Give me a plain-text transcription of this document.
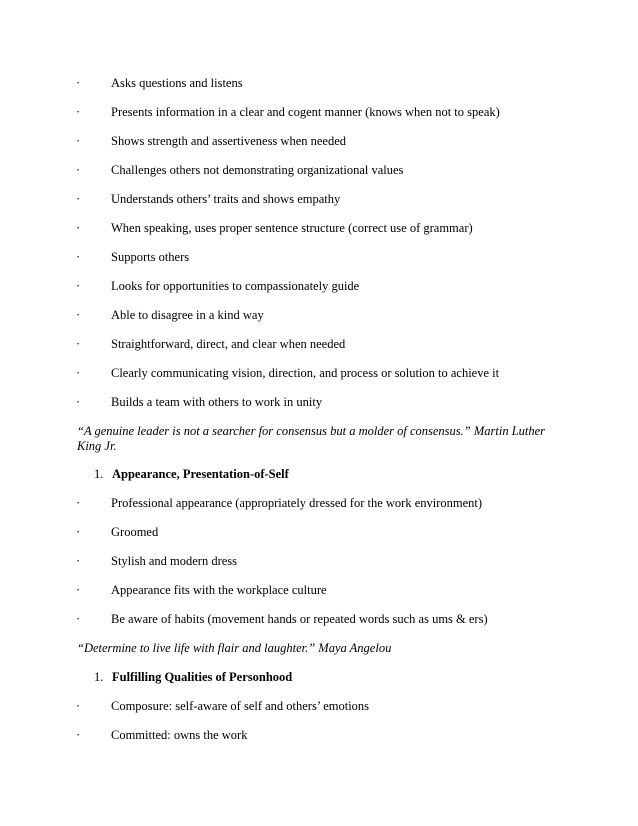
· Asks questions and listens
· Presents information in a clear and cogent manner (knows when not to speak)
· Shows strength and assertiveness when needed
· Challenges others not demonstrating organizational values
· Understands others’ traits and shows empathy
· When speaking, uses proper sentence structure (correct use of grammar)
· Supports others
· Looks for opportunities to compassionately guide
· Able to disagree in a kind way
· Straightforward, direct, and clear when needed
· Clearly communicating vision, direction, and process or solution to achieve it
· Builds a team with others to work in unity
“A genuine leader is not a searcher for consensus but a molder of consensus.” Martin Luther King Jr.
1. Appearance, Presentation-of-Self
· Professional appearance (appropriately dressed for the work environment)
· Groomed
· Stylish and modern dress
· Appearance fits with the workplace culture
· Be aware of habits (movement hands or repeated words such as ums & ers)
“Determine to live life with flair and laughter.” Maya Angelou
1. Fulfilling Qualities of Personhood
· Composure: self-aware of self and others’ emotions
· Committed: owns the work
